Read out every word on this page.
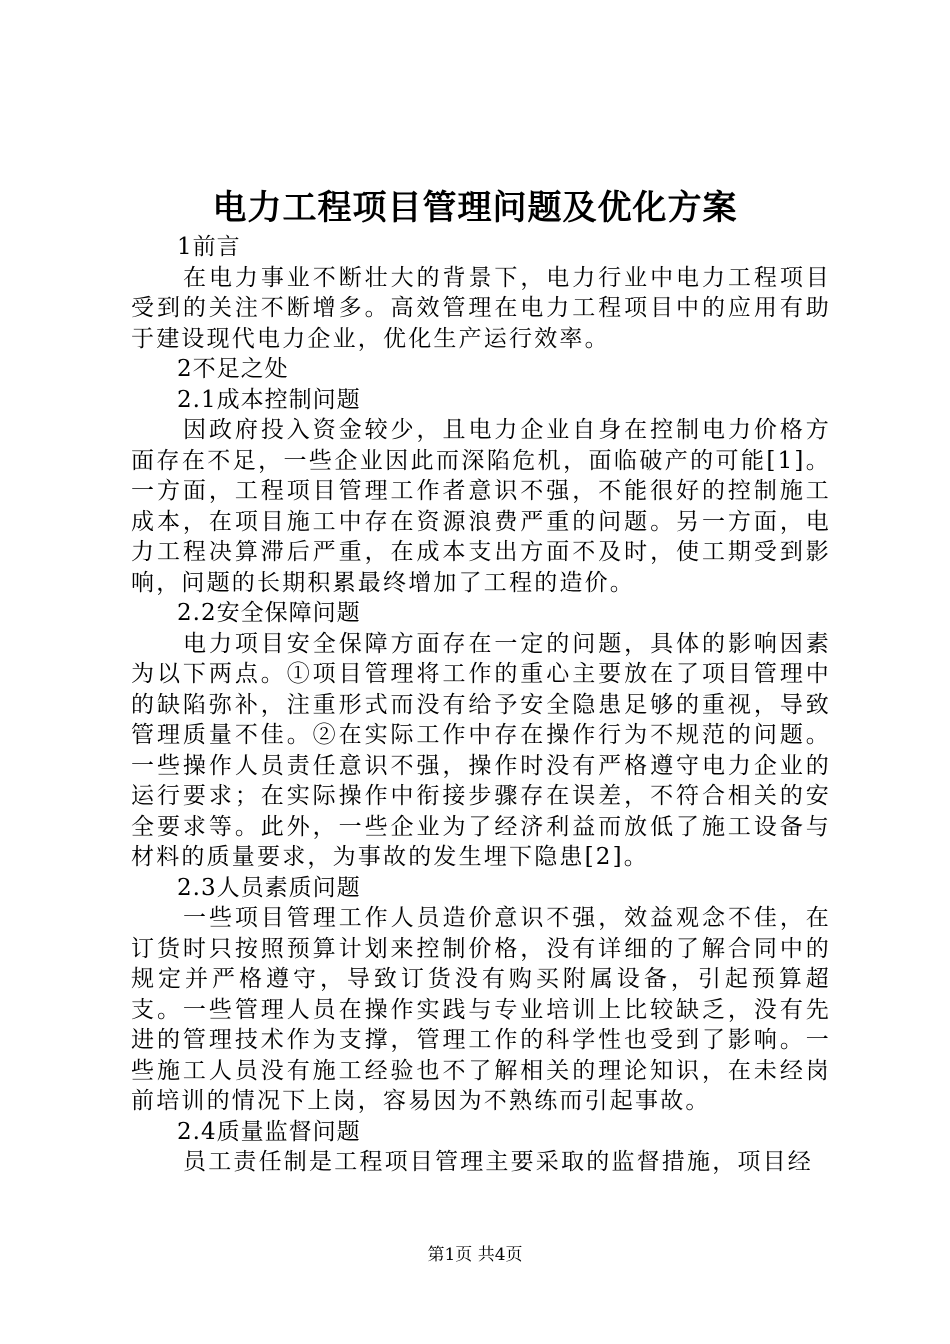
电力工程项目管理问题及优化方案
1前言
在电力事业不断壮大的背景下，电力行业中电力工程项目受到的关注不断增多。高效管理在电力工程项目中的应用有助于建设现代电力企业，优化生产运行效率。
2不足之处
2.1成本控制问题
因政府投入资金较少，且电力企业自身在控制电力价格方面存在不足，一些企业因此而深陷危机，面临破产的可能[1]。一方面，工程项目管理工作者意识不强，不能很好的控制施工成本，在项目施工中存在资源浪费严重的问题。另一方面，电力工程决算滞后严重，在成本支出方面不及时，使工期受到影响，问题的长期积累最终增加了工程的造价。
2.2安全保障问题
电力项目安全保障方面存在一定的问题，具体的影响因素为以下两点。①项目管理将工作的重心主要放在了项目管理中的缺陷弥补，注重形式而没有给予安全隐患足够的重视，导致管理质量不佳。②在实际工作中存在操作行为不规范的问题。一些操作人员责任意识不强，操作时没有严格遵守电力企业的运行要求；在实际操作中衔接步骤存在误差，不符合相关的安全要求等。此外，一些企业为了经济利益而放低了施工设备与材料的质量要求，为事故的发生埋下隐患[2]。
2.3人员素质问题
一些项目管理工作人员造价意识不强，效益观念不佳，在订货时只按照预算计划来控制价格，没有详细的了解合同中的规定并严格遵守，导致订货没有购买附属设备，引起预算超支。一些管理人员在操作实践与专业培训上比较缺乏，没有先进的管理技术作为支撑，管理工作的科学性也受到了影响。一些施工人员没有施工经验也不了解相关的理论知识，在未经岗前培训的情况下上岗，容易因为不熟练而引起事故。
2.4质量监督问题
员工责任制是工程项目管理主要采取的监督措施，项目经
第1页 共4页
